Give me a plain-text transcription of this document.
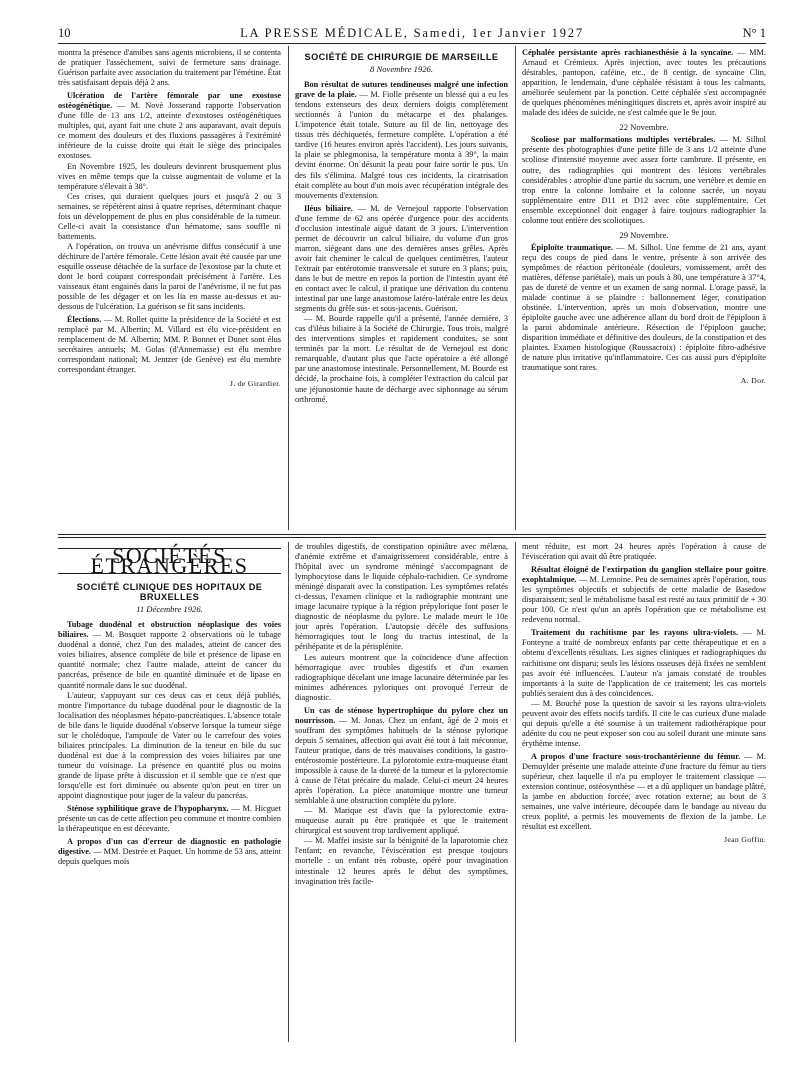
10	LA PRESSE MÉDICALE, Samedi, 1er Janvier 1927	N° 1

montra la présence d'amibes sans agents microbiens, il se contenta de pratiquer l'assèchement, suivi de fermeture sans drainage. Guérison parfaite avec association du traitement par l'émétine. État très satisfaisant depuis déjà 2 ans.

Ulcération de l'artère fémorale par une exostose ostéogénétique. — M. Novè Josserand rapporte l'observation d'une fille de 13 ans 1/2, atteinte d'exostoses ostéogénétiques multiples, qui, ayant fait une chute 2 ans auparavant, avait depuis ce moment des douleurs et des fluxions passagères à l'extrémité inférieure de la cuisse droite qui était le siège des principales exostoses.

En Novembre 1925, les douleurs devinrent brusquement plus vives en même temps que la cuisse augmentait de volume et la température s'élevait à 38°.

Ces crises, qui duraient quelques jours et jusqu'à 2 ou 3 semaines, se répétèrent ainsi à quatre reprises, déterminant chaque fois un développement de plus en plus considérable de la tumeur. Celle-ci avait la consistance d'un hématome, sans souffle ni battements.

A l'opération, on trouva un anévrisme diffus consécutif à une déchirure de l'artère fémorale. Cette lésion avait été causée par une esquille osseuse détachée de la surface de l'exostose par la chute et dont le bord coupant correspondait précisément à l'artère. Les vaisseaux étant engainés dans la paroi de l'anévrisme, il ne fut pas possible de les dégager et on les lia en masse au-dessus et au-dessous de l'ulcération. La guérison se fit sans incidents.

Élections. — M. Rollet quitte la présidence de la Société et est remplacé par M. Albertin; M. Villard est élu vice-président en remplacement de M. Albertin; MM. P. Bonnet et Dunet sont élus secrétaires annuels; M. Golas (d'Annemasse) est élu membre correspondant national; M. Jentzer (de Genève) est élu membre correspondant étranger.

J. de Girardier.
SOCIÉTÉ DE CHIRURGIE DE MARSEILLE
8 Novembre 1926.

Bon résultat de sutures tendineuses malgré une infection grave de la plaie. — M. Fiolle présente un blessé qui a eu les tendons extenseurs des deux derniers doigts complètement sectionnés à l'union du métacarpe et des phalanges. L'impotence était totale. Suture au fil de lin, nettoyage des tissus très déchiquetés, fermeture complète. L'opération a été tardive (16 heures environ après l'accident). Les jours suivants, la plaie se phlegmonisa, la température monta à 39°, la main devint énorme. On désunit la peau pour faire sortir le pus. Un des fils s'élimina. Malgré tous ces incidents, la cicatrisation était complète au bout d'un mois avec récupération intégrale des mouvements d'extension.

Iléus biliaire. — M. de Vernejoul rapporte l'observation d'une femme de 62 ans opérée d'urgence pour des accidents d'occlusion intestinale aiguë datant de 3 jours. L'intervention permet de découvrir un calcul biliaire, du volume d'un gros marron, siégeant dans une des dernières anses grêles. Après avoir fait cheminer le calcul de quelques centimètres, l'auteur l'extrait par entérotomie transversale et suture en 3 plans; puis, dans le but de mettre en repos la portion de l'intestin ayant été en contact avec le calcul, il pratique une dérivation du contenu intestinal par une large anastomose latéro-latérale entre les deux segments du grêle sus- et sous-jacents. Guérison.

— M. Bourde rappelle qu'il a présenté, l'année dernière, 3 cas d'iléus biliaire à la Société de Chirurgie. Tous trois, malgré des interventions simples et rapidement conduites, se sont terminés par la mort. Le résultat de de Vernejoul est donc remarquable, d'autant plus que l'acte opératoire a été allongé par une anastomose intestinale. Personnellement, M. Bourde est décidé, la prochaine fois, à compléter l'extraction du calcul par une jéjunostomie haute de décharge avec siphonnage au sérum orthromé.

Céphalée persistante après rachianesthésie à la syncaïne. — MM. Arnaud et Crémieux. Après injection, avec toutes les précautions désirables, pantopon, caféine, etc., de 8 centigr. de syncaïne Clin, apparition, le lendemain, d'une céphalée résistant à tous les calmants, améliorée seulement par la ponction. Cette céphalée s'est accompagnée de quelques phénomènes méningitiques discrets et, après avoir inspiré au malade des idées de suicide, ne s'est calmée que le 9e jour.

22 Novembre.

Scoliose par malformations multiples vertébrales. — M. Silhol présente des photographies d'une petite fille de 3 ans 1/2 atteinte d'une scoliose d'intensité moyenne avec assez forte cambrure. Il présente, en outre, des radiographies qui montrent des lésions vertébrales considérables : atrophie d'une partie du sacrum, une vertèbre et demie en trop entre la colonne lombaire et la colonne sacrée, un noyau supplémentaire entre D11 et D12 avec côte supplémentaire. Cet ensemble exceptionnel doit engager à faire toujours radiographier la colonne tout entière des scoliotiques.

29 Novembre.

Épiploïte traumatique. — M. Silhol. Une femme de 21 ans, ayant reçu des coups de pied dans le ventre, présente à son arrivée des symptômes de réaction péritonéale (douleurs, vomissement, arrêt des matières, défense pariétale), mais un pouls à 80, une température à 37°4, pas de dureté de ventre et un examen de sang normal. L'orage passé, la malade continue à se plaindre : ballonnement léger, constipation obstinée. L'intervention, après un mois d'observation, montre une épiploïte gauche avec une adhérence allant du bord droit de l'épiploon à la paroi abdominale antérieure. Résection de l'épiploon gauche; disparition immédiate et définitive des douleurs, de la constipation et des plaintes. Examen histologique (Roussacroix) : épiploïte fibro-adhésive de nature plus irritative qu'inflammatoire. Ces cas aussi purs d'épiploïte traumatique sont rares.

A. Dor.
SOCIÉTÉS ÉTRANGÈRES
SOCIÉTÉ CLINIQUE DES HOPITAUX DE BRUXELLES
11 Décembre 1926.

Tubage duodénal et obstruction néoplasique des voies biliaires. — M. Bosquet rapporte 2 observations où le tubage duodénal a donné, chez l'un des malades, atteint de cancer des voies biliaires, absence complète de bile et présence de lipase en quantité normale; chez l'autre malade, atteint de cancer du pancréas, présence de bile en quantité diminuée et de lipase en quantité normale dans le suc duodénal.

L'auteur, s'appuyant sur ces deux cas et ceux déjà publiés, montre l'importance du tubage duodénal pour le diagnostic de la localisation des néoplasmes hépato-pancréatiques. L'absence totale de bile dans le liquide duodénal s'observe lorsque la tumeur siège sur le cholédoque, l'ampoule de Vater ou le carrefour des voies biliaires principales. La diminution de la teneur en bile du suc duodénal est due à la compression des voies biliaires par une tumeur du voisinage. La présence en quantité plus ou moins grande de lipase prête à discussion et il semble que ce n'est que lorsqu'elle est fort diminuée ou absente qu'on peut en tirer un appoint diagnostique pour juger de la valeur du pancréas.

Sténose syphilitique grave de l'hypopharynx. — M. Hicguet présente un cas de cette affection peu commune et montre combien la thérapeutique en est décevante.

A propos d'un cas d'erreur de diagnostic en pathologie digestive. — MM. Destrée et Paquet. Un homme de 53 ans, atteint depuis quelques mois

de troubles digestifs, de constipation opiniâtre avec mélæna, d'anémie extrême et d'amaigrissement considérable, entre à l'hôpital avec un syndrome méningé s'accompagnant de lymphocytose dans le liquide céphalo-rachidien. Ce syndrome méningé disparait avec la constipation. Les symptômes relatés ci-dessus, l'examen clinique et la radiographie montrant une image lacunaire typique à la région prépylorique font poser le diagnostic de néoplasme du pylore. Le malade meurt le 10e jour après l'opération. L'autopsie décèle des suffusions hémorragiques tout le long du tractus intestinal, de la périhépatite et de la périsplénite.

Les auteurs montrent que la coïncidence d'une affection hémorragique avec troubles digestifs et d'un examen radiographique décelant une image lacunaire déterminée par les minimes adhérences pyloriques ont provoqué l'erreur de diagnostic.

Un cas de sténose hypertrophique du pylore chez un nourrisson. — M. Jonas. Chez un enfant, âgé de 2 mois et souffrant des symptômes habituels de la sténose pylorique depuis 5 semaines, affection qui avait été tout à fait méconnue, l'auteur pratique, dans de très mauvaises conditions, la gastro-entérostomie postérieure. La pylorotomie extra-muqueuse étant impossible à cause de la dureté de la tumeur et la pylorectomie à cause de l'état précaire du malade. Celui-ci meurt 24 heures après l'opération. La pièce anatomique montre une tumeur semblable à une obstruction complète du pylore.

— M. Marique est d'avis que la pylorectomie extra-muqueuse aurait pu être pratiquée et que le traitement chirurgical est souvent trop tardivement appliqué.

— M. Maffei insiste sur la bénignité de la laparotomie chez l'enfant; en revanche, l'éviscération est presque toujours mortelle : un enfant très robuste, opéré pour invagination intestinale 12 heures après le début des symptômes, invagination très facile-

ment réduite, est mort 24 heures après l'opération à cause de l'éviscération qui avait dû être pratiquée.

Résultat éloigné de l'extirpation du ganglion stellaire pour goitre exophtalmique. — M. Lemoine. Peu de semaines après l'opération, tous les symptômes objectifs et subjectifs de cette maladie de Basedow disparaissent; seul le métabolisme basal est resté au taux primitif de + 30 pour 100. Ce n'est qu'un an après l'opération que ce métabolisme est redevenu normal.

Traitement du rachitisme par les rayons ultra-violets. — M. Fonteyne a traité de nombreux enfants par cette thérapeutique et en a obtenu d'excellents résultats. Les signes cliniques et radiographiques du rachitisme ont disparu; seuls les lésions osseuses déjà fixées ne semblent pas avoir été influencées. L'auteur n'a jamais constaté de troubles importants à la suite de l'application de ce traitement; les cas mortels publiés seraient dus à des coïncidences.

— M. Bouché pose la question de savoir si les rayons ultra-violets peuvent avoir des effets nocifs tardifs. Il cite le cas curieux d'une malade qui depuis qu'elle a été soumise à un traitement radiothérapique pour adénite du cou ne peut exposer son cou au soleil durant une minute sans érythème intense.

A propos d'une fracture sous-trochantérienne du fémur. — M. Demuylder présente une malade atteinte d'une fracture du fémur au tiers supérieur, chez laquelle il n'a pu employer le traitement classique — extension continue, ostéosynthèse — et a dû appliquer un bandage plâtré, la jambe en abduction forcée, avec rotation externe; au bout de 3 semaines, une valve intérieure, découpée dans le bandage au niveau du creux poplité, a permis les mouvements de flexion de la jambe. Le résultat est excellent.

Jean Goffin.
